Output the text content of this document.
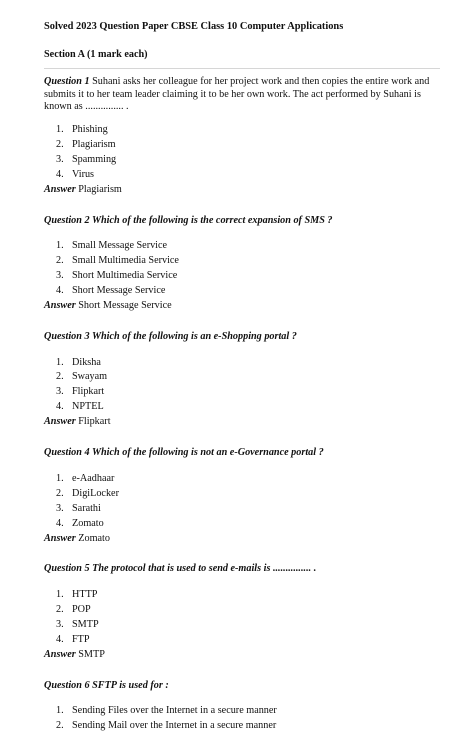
Solved 2023 Question Paper CBSE Class 10 Computer Applications
Section A (1 mark each)

Question 1 Suhani asks her colleague for her project work and then copies the entire work and submits it to her team leader claiming it to be her own work. The act performed by Suhani is known as ............... .

1. Phishing
2. Plagiarism
3. Spamming
4. Virus

Answer Plagiarism

Question 2 Which of the following is the correct expansion of SMS ?

1. Small Message Service
2. Small Multimedia Service
3. Short Multimedia Service
4. Short Message Service

Answer Short Message Service

Question 3 Which of the following is an e-Shopping portal ?

1. Diksha
2. Swayam
3. Flipkart
4. NPTEL

Answer Flipkart

Question 4 Which of the following is not an e-Governance portal ?

1. e-Aadhaar
2. DigiLocker
3. Sarathi
4. Zomato

Answer Zomato

Question 5 The protocol that is used to send e-mails is ............... .

1. HTTP
2. POP
3. SMTP
4. FTP

Answer SMTP

Question 6 SFTP is used for :

1. Sending Files over the Internet in a secure manner
2. Sending Mail over the Internet in a secure manner
